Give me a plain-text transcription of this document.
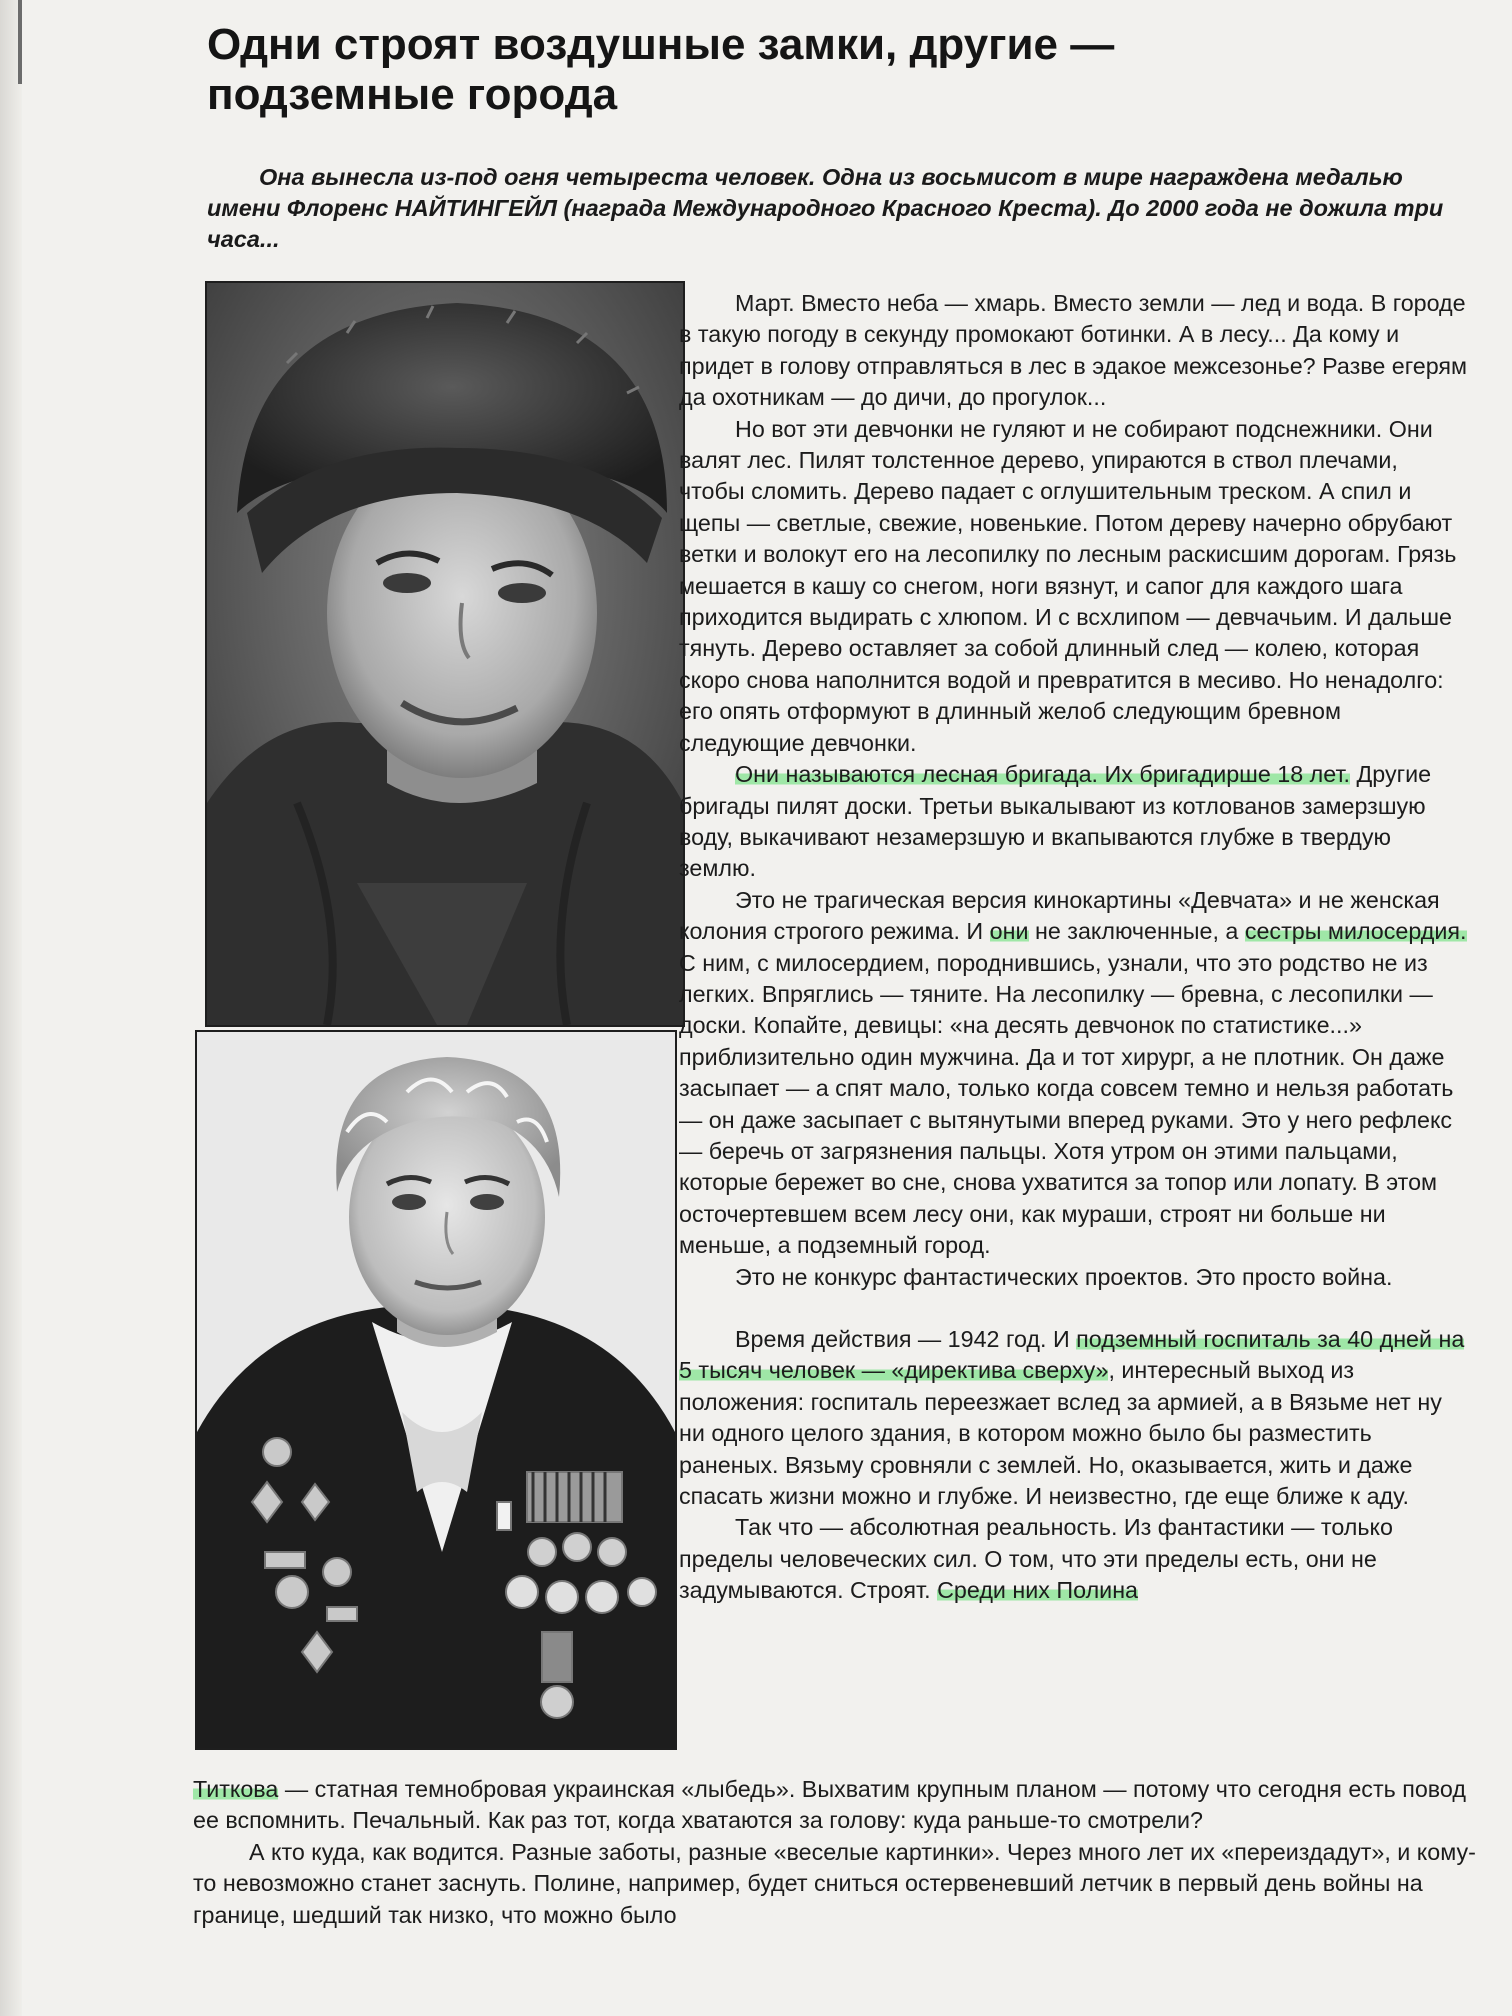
Одни строят воздушные замки, другие — подземные города

Она вынесла из-под огня четыреста человек. Одна из восьмисот в мире награждена медалью имени Флоренс НАЙТИНГЕЙЛ (награда Международного Красного Креста). До 2000 года не дожила три часа...

Март. Вместо неба — хмарь. Вместо земли — лед и вода. В городе в такую погоду в секунду промокают ботинки. А в лесу... Да кому и придет в голову отправляться в лес в эдакое межсезонье? Разве егерям да охотникам — до дичи, до прогулок...

Но вот эти девчонки не гуляют и не собирают подснежники. Они валят лес. Пилят толстенное дерево, упираются в ствол плечами, чтобы сломить. Дерево падает с оглушительным треском. А спил и щепы — светлые, свежие, новенькие. Потом дереву начерно обрубают ветки и волокут его на лесопилку по лесным раскисшим дорогам. Грязь мешается в кашу со снегом, ноги вязнут, и сапог для каждого шага приходится выдирать с хлюпом. И с всхлипом — девчачьим. И дальше тянуть. Дерево оставляет за собой длинный след — колею, которая скоро снова наполнится водой и превратится в месиво. Но ненадолго: его опять отформуют в длинный желоб следующим бревном следующие девчонки.

Они называются лесная бригада. Их бригадирше 18 лет. Другие бригады пилят доски. Третьи выкалывают из котлованов замерзшую воду, выкачивают незамерзшую и вкапываются глубже в твердую землю.

Это не трагическая версия кинокартины «Девчата» и не женская колония строгого режима. И они не заключенные, а сестры милосердия. С ним, с милосердием, породнившись, узнали, что это родство не из легких. Впряглись — тяните. На лесопилку — бревна, с лесопилки — доски. Копайте, девицы: «на десять девчонок по статистике...» приблизительно один мужчина. Да и тот хирург, а не плотник. Он даже засыпает — а спят мало, только когда совсем темно и нельзя работать — он даже засыпает с вытянутыми вперед руками. Это у него рефлекс — беречь от загрязнения пальцы. Хотя утром он этими пальцами, которые бережет во сне, снова ухватится за топор или лопату. В этом осточертевшем всем лесу они, как мураши, строят ни больше ни меньше, а подземный город.

Это не конкурс фантастических проектов. Это просто война.

Время действия — 1942 год. И подземный госпиталь за 40 дней на 5 тысяч человек — «директива сверху», интересный выход из положения: госпиталь переезжает вслед за армией, а в Вязьме нет ну ни одного целого здания, в котором можно было бы разместить раненых. Вязьму сровняли с землей. Но, оказывается, жить и даже спасать жизни можно и глубже. И неизвестно, где еще ближе к аду.

Так что — абсолютная реальность. Из фантастики — только пределы человеческих сил. О том, что эти пределы есть, они не задумываются. Строят. Среди них Полина

Титкова — статная темнобровая украинская «лыбедь». Выхватим крупным планом — потому что сегодня есть повод ее вспомнить. Печальный. Как раз тот, когда хватаются за голову: куда раньше-то смотрели?

А кто куда, как водится. Разные заботы, разные «веселые картинки». Через много лет их «переиздадут», и кому-то невозможно станет заснуть. Полине, например, будет сниться остервеневший летчик в первый день войны на границе, шедший так низко, что можно было
